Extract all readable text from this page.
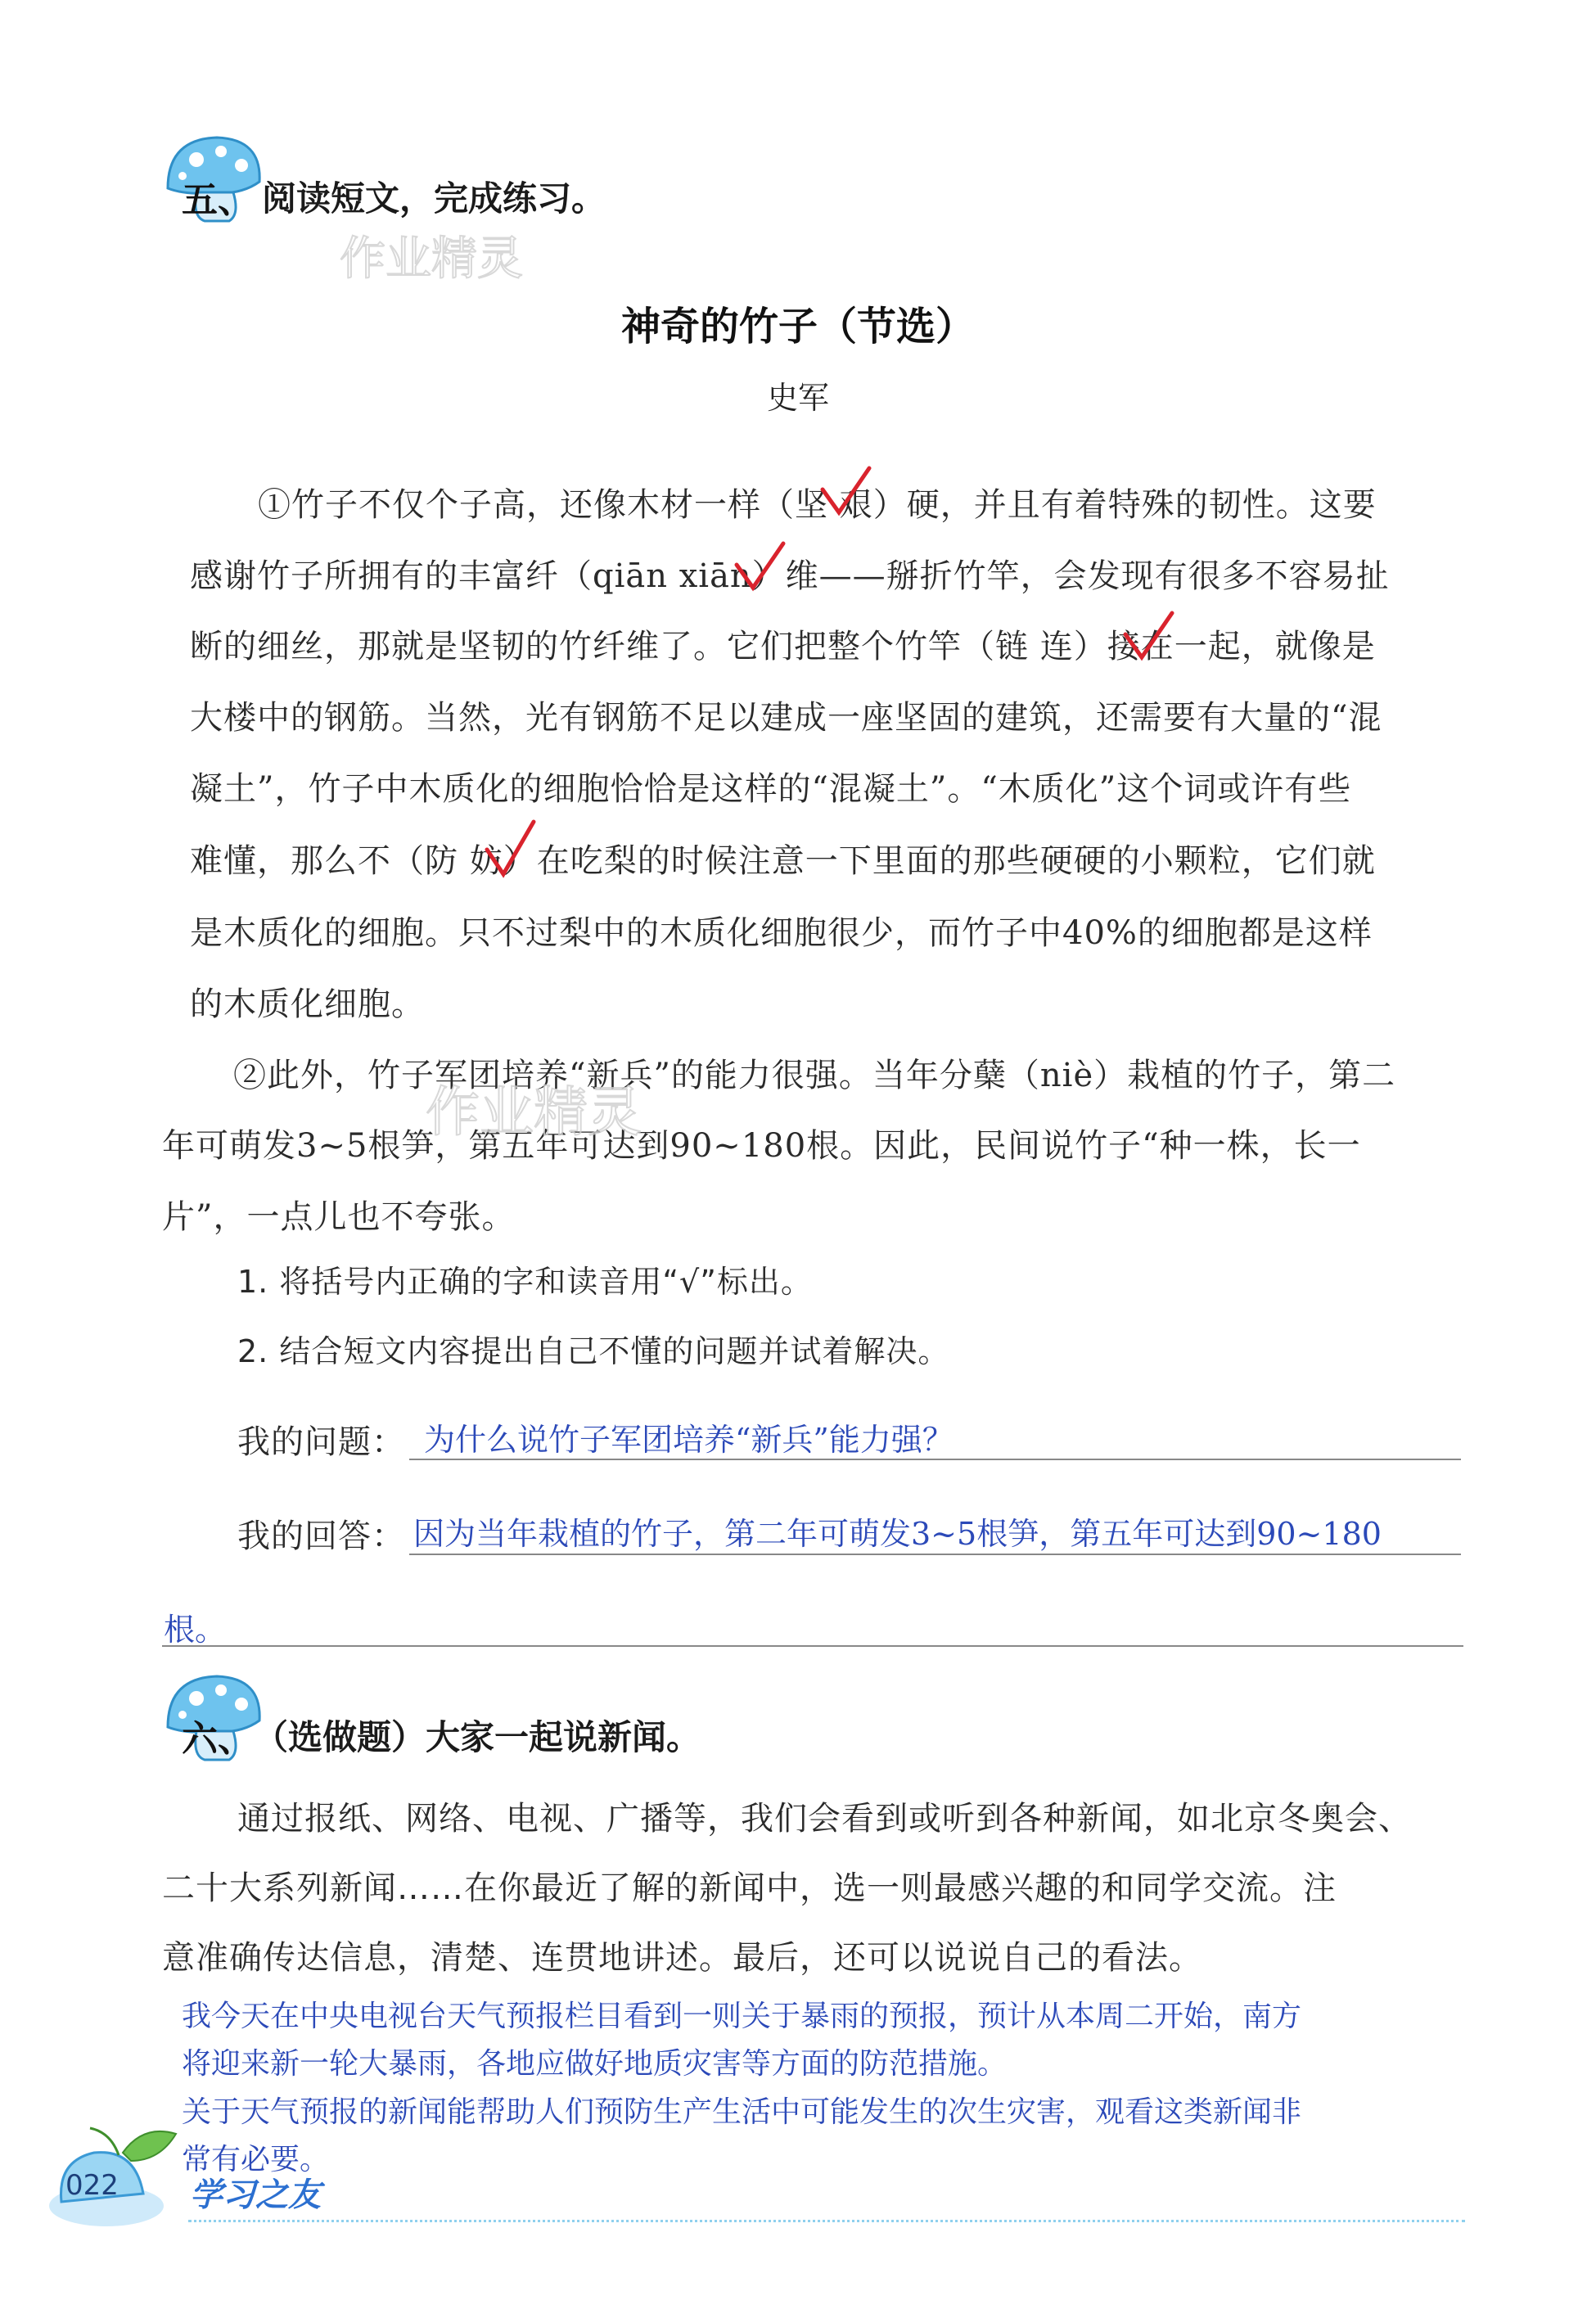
五、 阅读短文，完成练习。
作业精灵
神奇的竹子（节选）
史军
①竹子不仅个子高，还像木材一样（坚 艰）硬，并且有着特殊的韧性。这要
感谢竹子所拥有的丰富纤（qiān xiān）维——掰折竹竿，会发现有很多不容易扯
断的细丝，那就是坚韧的竹纤维了。它们把整个竹竿（链 连）接在一起，就像是
大楼中的钢筋。当然，光有钢筋不足以建成一座坚固的建筑，还需要有大量的“混
凝土”，竹子中木质化的细胞恰恰是这样的“混凝土”。“木质化”这个词或许有些
难懂，那么不（防 妨）在吃梨的时候注意一下里面的那些硬硬的小颗粒，它们就
是木质化的细胞。只不过梨中的木质化细胞很少，而竹子中40%的细胞都是这样
的木质化细胞。
②此外，竹子军团培养“新兵”的能力很强。当年分蘖（niè）栽植的竹子，第二
年可萌发3~5根笋，第五年可达到90~180根。因此，民间说竹子“种一株，长一
片”，一点儿也不夸张。
作业精灵
1. 将括号内正确的字和读音用“√”标出。
2. 结合短文内容提出自己不懂的问题并试着解决。
我的问题： 为什么说竹子军团培养“新兵”能力强？
我的回答： 因为当年栽植的竹子，第二年可萌发3~5根笋，第五年可达到90~180
根。
六、 （选做题）大家一起说新闻。
通过报纸、网络、电视、广播等，我们会看到或听到各种新闻，如北京冬奥会、
二十大系列新闻……在你最近了解的新闻中，选一则最感兴趣的和同学交流。注
意准确传达信息，清楚、连贯地讲述。最后，还可以说说自己的看法。
我今天在中央电视台天气预报栏目看到一则关于暴雨的预报，预计从本周二开始，南方
将迎来新一轮大暴雨，各地应做好地质灾害等方面的防范措施。
关于天气预报的新闻能帮助人们预防生产生活中可能发生的次生灾害，观看这类新闻非
常有必要。
022 学习之友
